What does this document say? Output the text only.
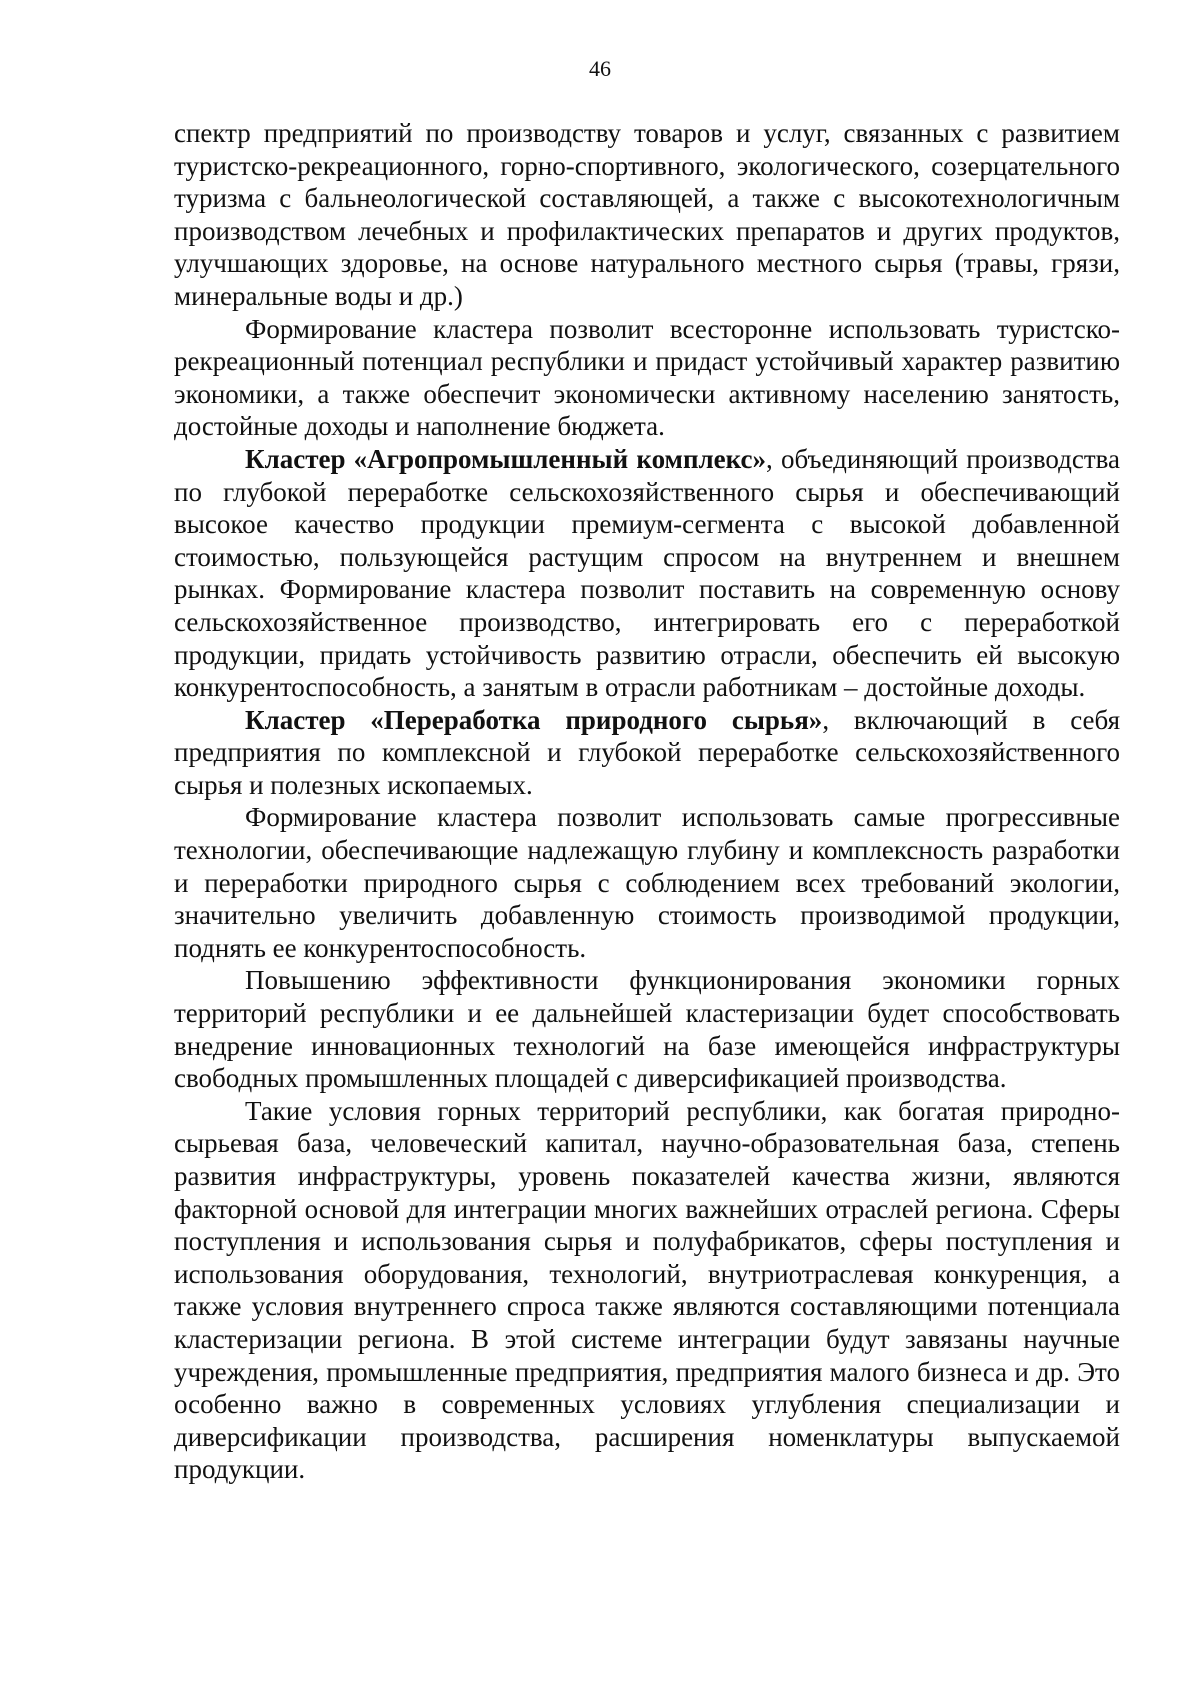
46

спектр предприятий по производству товаров и услуг, связанных с развитием туристско-рекреационного, горно-спортивного, экологического, созерцательного туризма с бальнеологической составляющей, а также с высокотехнологичным производством лечебных и профилактических препаратов и других продуктов, улучшающих здоровье, на основе натурального местного сырья (травы, грязи, минеральные воды и др.)

Формирование кластера позволит всесторонне использовать туристско-рекреационный потенциал республики и придаст устойчивый характер развитию экономики, а также обеспечит экономически активному населению занятость, достойные доходы и наполнение бюджета.

Кластер «Агропромышленный комплекс», объединяющий производства по глубокой переработке сельскохозяйственного сырья и обеспечивающий высокое качество продукции премиум-сегмента с высокой добавленной стоимостью, пользующейся растущим спросом на внутреннем и внешнем рынках. Формирование кластера позволит поставить на современную основу сельскохозяйственное производство, интегрировать его с переработкой продукции, придать устойчивость развитию отрасли, обеспечить ей высокую конкурентоспособность, а занятым в отрасли работникам – достойные доходы.

Кластер «Переработка природного сырья», включающий в себя предприятия по комплексной и глубокой переработке сельскохозяйственного сырья и полезных ископаемых.

Формирование кластера позволит использовать самые прогрессивные технологии, обеспечивающие надлежащую глубину и комплексность разработки и переработки природного сырья с соблюдением всех требований экологии, значительно увеличить добавленную стоимость производимой продукции, поднять ее конкурентоспособность.

Повышению эффективности функционирования экономики горных территорий республики и ее дальнейшей кластеризации будет способствовать внедрение инновационных технологий на базе имеющейся инфраструктуры свободных промышленных площадей с диверсификацией производства.

Такие условия горных территорий республики, как богатая природно-сырьевая база, человеческий капитал, научно-образовательная база, степень развития инфраструктуры, уровень показателей качества жизни, являются факторной основой для интеграции многих важнейших отраслей региона. Сферы поступления и использования сырья и полуфабрикатов, сферы поступления и использования оборудования, технологий, внутриотраслевая конкуренция, а также условия внутреннего спроса также являются составляющими потенциала кластеризации региона. В этой системе интеграции будут завязаны научные учреждения, промышленные предприятия, предприятия малого бизнеса и др. Это особенно важно в современных условиях углубления специализации и диверсификации производства, расширения номенклатуры выпускаемой продукции.
